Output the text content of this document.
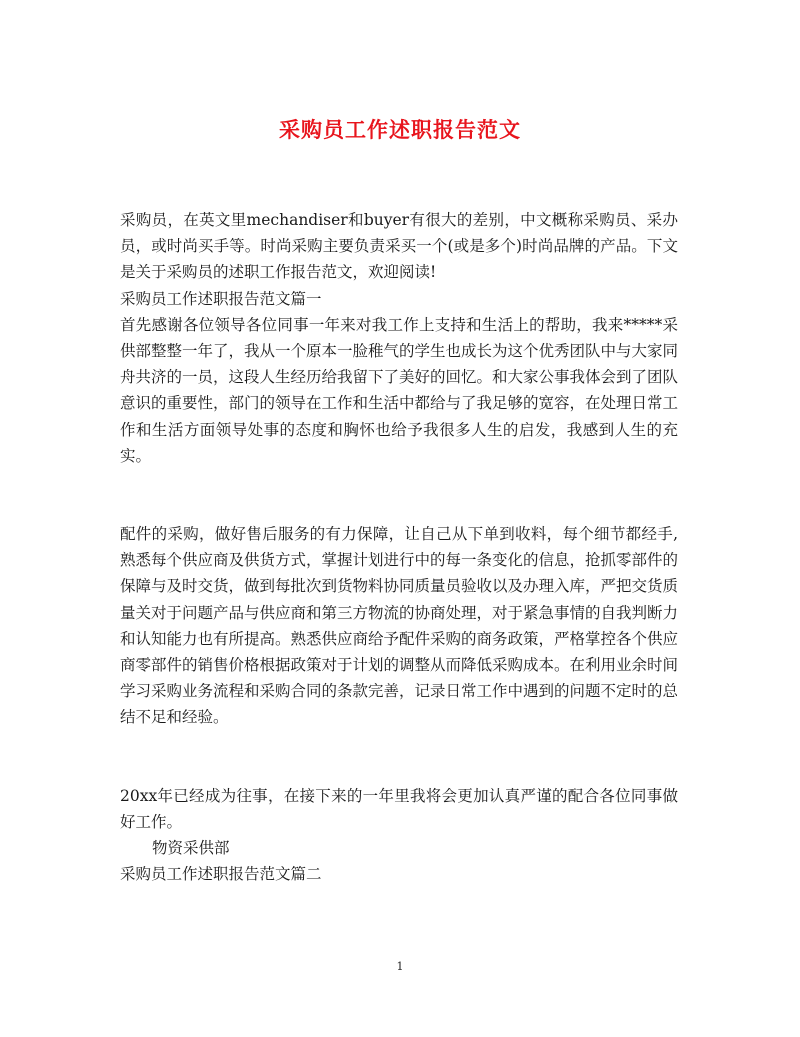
采购员工作述职报告范文

采购员，在英文里mechandiser和buyer有很大的差别，中文概称采购员、采办员，或时尚买手等。时尚采购主要负责采买一个(或是多个)时尚品牌的产品。下文是关于采购员的述职工作报告范文，欢迎阅读!

采购员工作述职报告范文篇一

首先感谢各位领导各位同事一年来对我工作上支持和生活上的帮助，我来*****采供部整整一年了，我从一个原本一脸稚气的学生也成长为这个优秀团队中与大家同舟共济的一员，这段人生经历给我留下了美好的回忆。和大家公事我体会到了团队意识的重要性，部门的领导在工作和生活中都给与了我足够的宽容，在处理日常工作和生活方面领导处事的态度和胸怀也给予我很多人生的启发，我感到人生的充实。

配件的采购，做好售后服务的有力保障，让自己从下单到收料，每个细节都经手,熟悉每个供应商及供货方式，掌握计划进行中的每一条变化的信息，抢抓零部件的保障与及时交货，做到每批次到货物料协同质量员验收以及办理入库，严把交货质量关对于问题产品与供应商和第三方物流的协商处理，对于紧急事情的自我判断力和认知能力也有所提高。熟悉供应商给予配件采购的商务政策，严格掌控各个供应商零部件的销售价格根据政策对于计划的调整从而降低采购成本。在利用业余时间学习采购业务流程和采购合同的条款完善，记录日常工作中遇到的问题不定时的总结不足和经验。

20xx年已经成为往事，在接下来的一年里我将会更加认真严谨的配合各位同事做好工作。

物资采供部

采购员工作述职报告范文篇二

1
